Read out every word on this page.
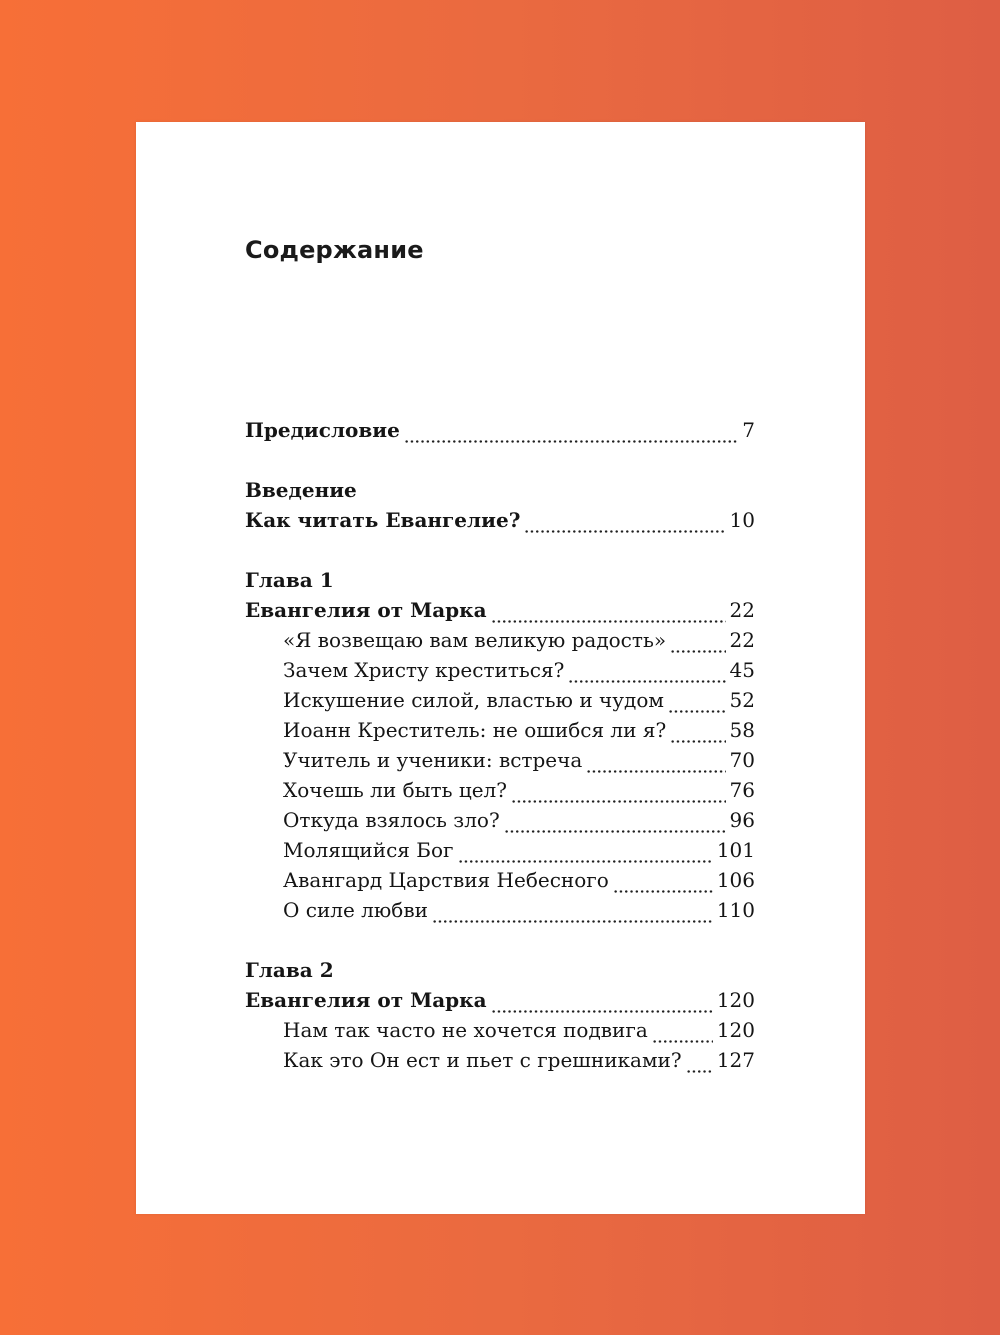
Содержание
Предисловие	7
Введение
Как читать Евангелие?	10
Глава 1
Евангелия от Марка	22
«Я возвещаю вам великую радость»	22
Зачем Христу креститься?	45
Искушение силой, властью и чудом	52
Иоанн Креститель: не ошибся ли я?	58
Учитель и ученики: встреча	70
Хочешь ли быть цел?	76
Откуда взялось зло?	96
Молящийся Бог	101
Авангард Царствия Небесного	106
О силе любви	110
Глава 2
Евангелия от Марка	120
Нам так часто не хочется подвига	120
Как это Он ест и пьет с грешниками? 127
